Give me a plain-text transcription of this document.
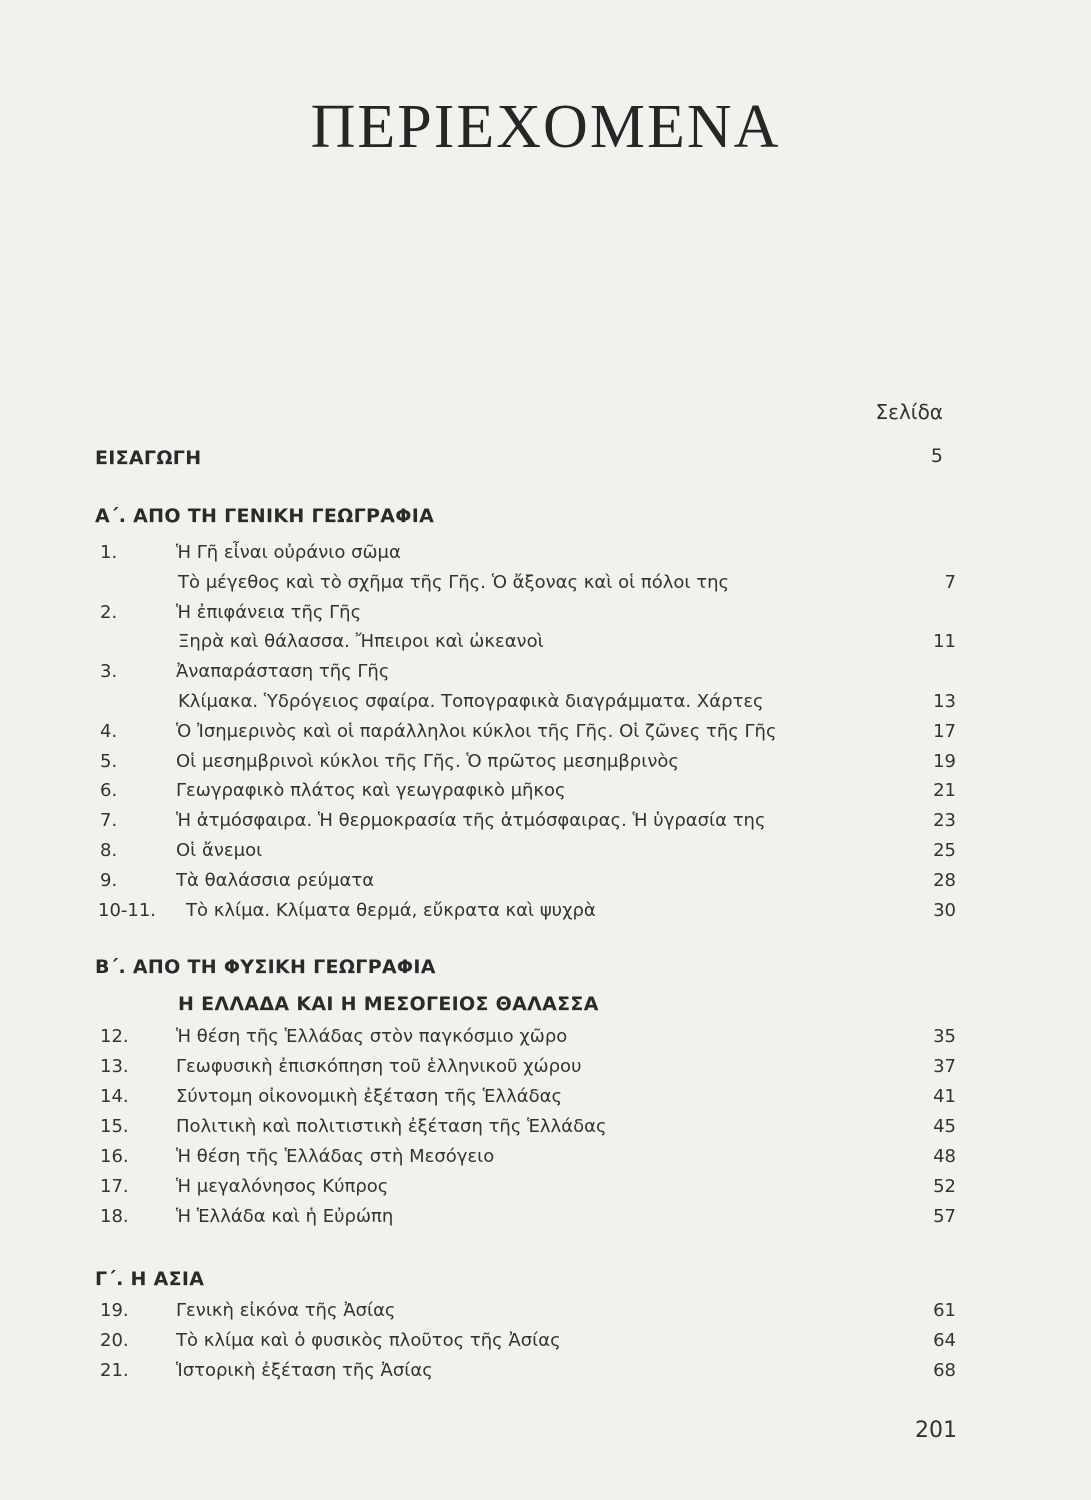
ΠΕΡΙΕΧΟΜΕΝΑ
Σελίδα
ΕΙΣΑΓΩΓΗ	5
Α΄. ΑΠΟ ΤΗ ΓΕΝΙΚΗ ΓΕΩΓΡΑΦΙΑ
1.	Ἡ Γῆ εἶναι οὐράνιο σῶμα
Τὸ μέγεθος καὶ τὸ σχῆμα τῆς Γῆς. Ὁ ἄξονας καὶ οἱ πόλοι της	7
2.	Ἡ ἐπιφάνεια τῆς Γῆς
Ξηρὰ καὶ θάλασσα. Ἤπειροι καὶ ὠκεανοὶ	11
3.	Ἀναπαράσταση τῆς Γῆς
Κλίμακα. Ὑδρόγειος σφαίρα. Τοπογραφικὰ διαγράμματα. Χάρτες	13
4.	Ὁ Ἰσημερινὸς καὶ οἱ παράλληλοι κύκλοι τῆς Γῆς. Οἱ ζῶνες τῆς Γῆς	17
5.	Οἱ μεσημβρινοὶ κύκλοι τῆς Γῆς. Ὁ πρῶτος μεσημβρινὸς	19
6.	Γεωγραφικὸ πλάτος καὶ γεωγραφικὸ μῆκος	21
7.	Ἡ ἀτμόσφαιρα. Ἡ θερμοκρασία τῆς ἀτμόσφαιρας. Ἡ ὑγρασία της	23
8.	Οἱ ἄνεμοι	25
9.	Τὰ θαλάσσια ρεύματα	28
10-11. Τὸ κλίμα. Κλίματα θερμά, εὔκρατα καὶ ψυχρὰ	30
Β΄. ΑΠΟ ΤΗ ΦΥΣΙΚΗ ΓΕΩΓΡΑΦΙΑ
Η ΕΛΛΑΔΑ ΚΑΙ Η ΜΕΣΟΓΕΙΟΣ ΘΑΛΑΣΣΑ
12.	Ἡ θέση τῆς Ἑλλάδας στὸν παγκόσμιο χῶρο	35
13.	Γεωφυσικὴ ἐπισκόπηση τοῦ ἑλληνικοῦ χώρου	37
14.	Σύντομη οἰκονομικὴ ἐξέταση τῆς Ἑλλάδας	41
15.	Πολιτικὴ καὶ πολιτιστικὴ ἐξέταση τῆς Ἑλλάδας	45
16.	Ἡ θέση τῆς Ἑλλάδας στὴ Μεσόγειο	48
17.	Ἡ μεγαλόνησος Κύπρος	52
18.	Ἡ Ἑλλάδα καὶ ἡ Εὐρώπη	57
Γ΄. Η ΑΣΙΑ
19.	Γενικὴ εἰκόνα τῆς Ἀσίας	61
20.	Τὸ κλίμα καὶ ὁ φυσικὸς πλοῦτος τῆς Ἀσίας	64
21.	Ἱστορικὴ ἐξέταση τῆς Ἀσίας	68
201
